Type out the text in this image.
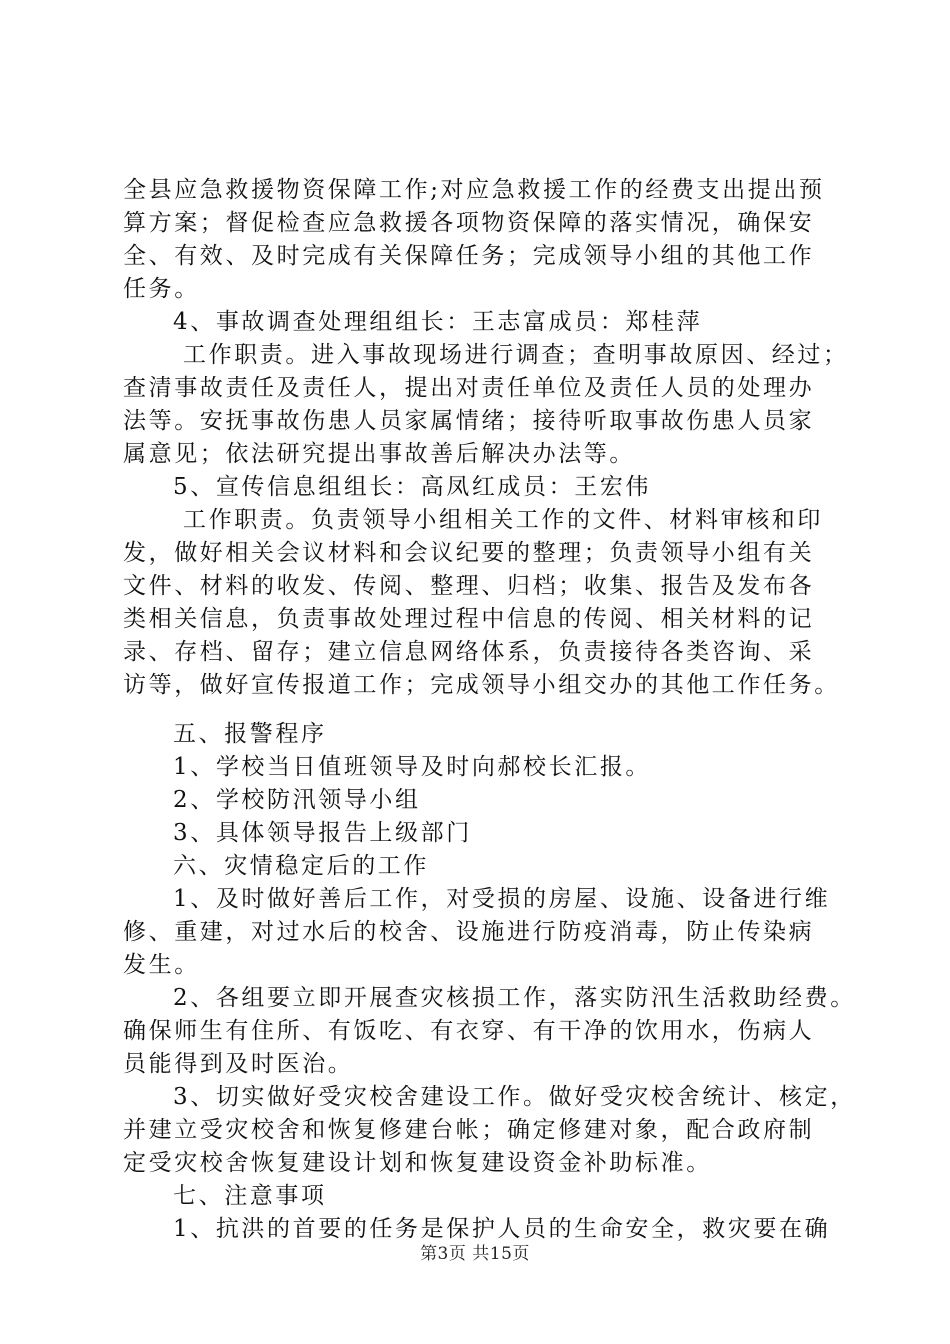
全县应急救援物资保障工作;对应急救援工作的经费支出提出预
算方案；督促检查应急救援各项物资保障的落实情况，确保安
全、有效、及时完成有关保障任务；完成领导小组的其他工作
任务。
4、事故调查处理组组长：王志富成员：郑桂萍
工作职责。进入事故现场进行调查；查明事故原因、经过；
查清事故责任及责任人，提出对责任单位及责任人员的处理办
法等。安抚事故伤患人员家属情绪；接待听取事故伤患人员家
属意见；依法研究提出事故善后解决办法等。
5、宣传信息组组长：高凤红成员：王宏伟
工作职责。负责领导小组相关工作的文件、材料审核和印
发，做好相关会议材料和会议纪要的整理；负责领导小组有关
文件、材料的收发、传阅、整理、归档；收集、报告及发布各
类相关信息，负责事故处理过程中信息的传阅、相关材料的记
录、存档、留存；建立信息网络体系，负责接待各类咨询、采
访等，做好宣传报道工作；完成领导小组交办的其他工作任务。
五、报警程序
1、学校当日值班领导及时向郝校长汇报。
2、学校防汛领导小组
3、具体领导报告上级部门
六、灾情稳定后的工作
1、及时做好善后工作，对受损的房屋、设施、设备进行维
修、重建，对过水后的校舍、设施进行防疫消毒，防止传染病
发生。
2、各组要立即开展查灾核损工作，落实防汛生活救助经费。
确保师生有住所、有饭吃、有衣穿、有干净的饮用水，伤病人
员能得到及时医治。
3、切实做好受灾校舍建设工作。做好受灾校舍统计、核定，
并建立受灾校舍和恢复修建台帐；确定修建对象，配合政府制
定受灾校舍恢复建设计划和恢复建设资金补助标准。
七、注意事项
1、抗洪的首要的任务是保护人员的生命安全，救灾要在确
第3页 共15页
